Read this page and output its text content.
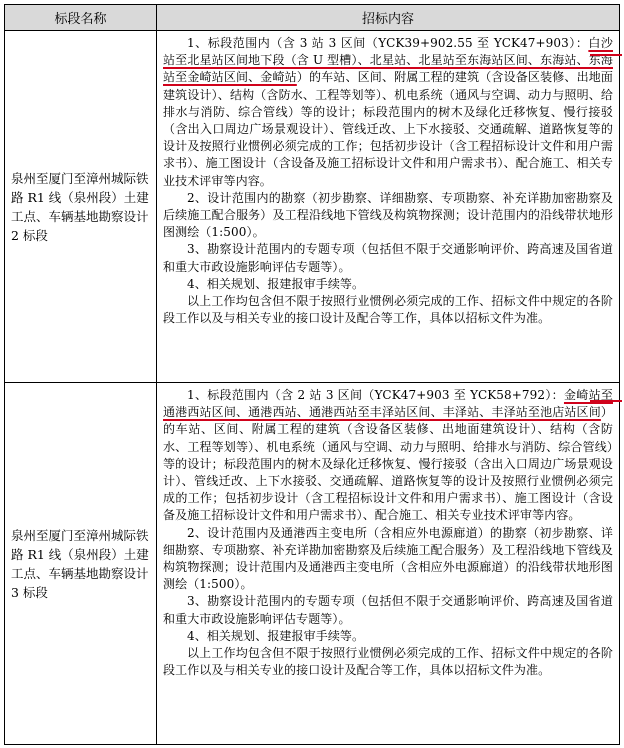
标段名称	招标内容
泉州至厦门至漳州城际铁路 R1 线（泉州段）土建工点、车辆基地勘察设计 2 标段

1、标段范围内（含 3 站 3 区间（YCK39+902.55 至 YCK47+903）：白沙站至北星站区间地下段（含 U 型槽）、北星站、北星站至东海站区间、东海站、东海站至金崎站区间、金崎站）的车站、区间、附属工程的建筑（含设备区装修、出地面建筑设计）、结构（含防水、工程等划等）、机电系统（通风与空调、动力与照明、给排水与消防、综合管线）等的设计；标段范围内的树木及绿化迁移恢复、慢行接驳（含出入口周边广场景观设计）、管线迁改、上下水接驳、交通疏解、道路恢复等的设计及按照行业惯例必须完成的工作；包括初步设计（含工程招标设计文件和用户需求书）、施工图设计（含设备及施工招标设计文件和用户需求书）、配合施工、相关专业技术评审等内容。

2、设计范围内的勘察（初步勘察、详细勘察、专项勘察、补充详勘加密勘察及后续施工配合服务）及工程沿线地下管线及构筑物探测；设计范围内的沿线带状地形图测绘（1:500）。

3、勘察设计范围内的专题专项（包括但不限于交通影响评价、跨高速及国省道和重大市政设施影响评估专题等）。

4、相关规划、报建报审手续等。

以上工作均包含但不限于按照行业惯例必须完成的工作、招标文件中规定的各阶段工作以及与相关专业的接口设计及配合等工作，具体以招标文件为准。

泉州至厦门至漳州城际铁路 R1 线（泉州段）土建工点、车辆基地勘察设计 3 标段

1、标段范围内（含 2 站 3 区间（YCK47+903 至 YCK58+792）：金崎站至通港西站区间、通港西站、通港西站至丰泽站区间、丰泽站、丰泽站至池店站区间）的车站、区间、附属工程的建筑（含设备区装修、出地面建筑设计）、结构（含防水、工程等划等）、机电系统（通风与空调、动力与照明、给排水与消防、综合管线）等的设计；标段范围内的树木及绿化迁移恢复、慢行接驳（含出入口周边广场景观设计）、管线迁改、上下水接驳、交通疏解、道路恢复等的设计及按照行业惯例必须完成的工作；包括初步设计（含工程招标设计文件和用户需求书）、施工图设计（含设备及施工招标设计文件和用户需求书）、配合施工、相关专业技术评审等内容。

2、设计范围内及通港西主变电所（含相应外电源廊道）的勘察（初步勘察、详细勘察、专项勘察、补充详勘加密勘察及后续施工配合服务）及工程沿线地下管线及构筑物探测；设计范围内及通港西主变电所（含相应外电源廊道）的沿线带状地形图测绘（1:500）。

3、勘察设计范围内的专题专项（包括但不限于交通影响评价、跨高速及国省道和重大市政设施影响评估专题等）。

4、相关规划、报建报审手续等。

以上工作均包含但不限于按照行业惯例必须完成的工作、招标文件中规定的各阶段工作以及与相关专业的接口设计及配合等工作，具体以招标文件为准。
